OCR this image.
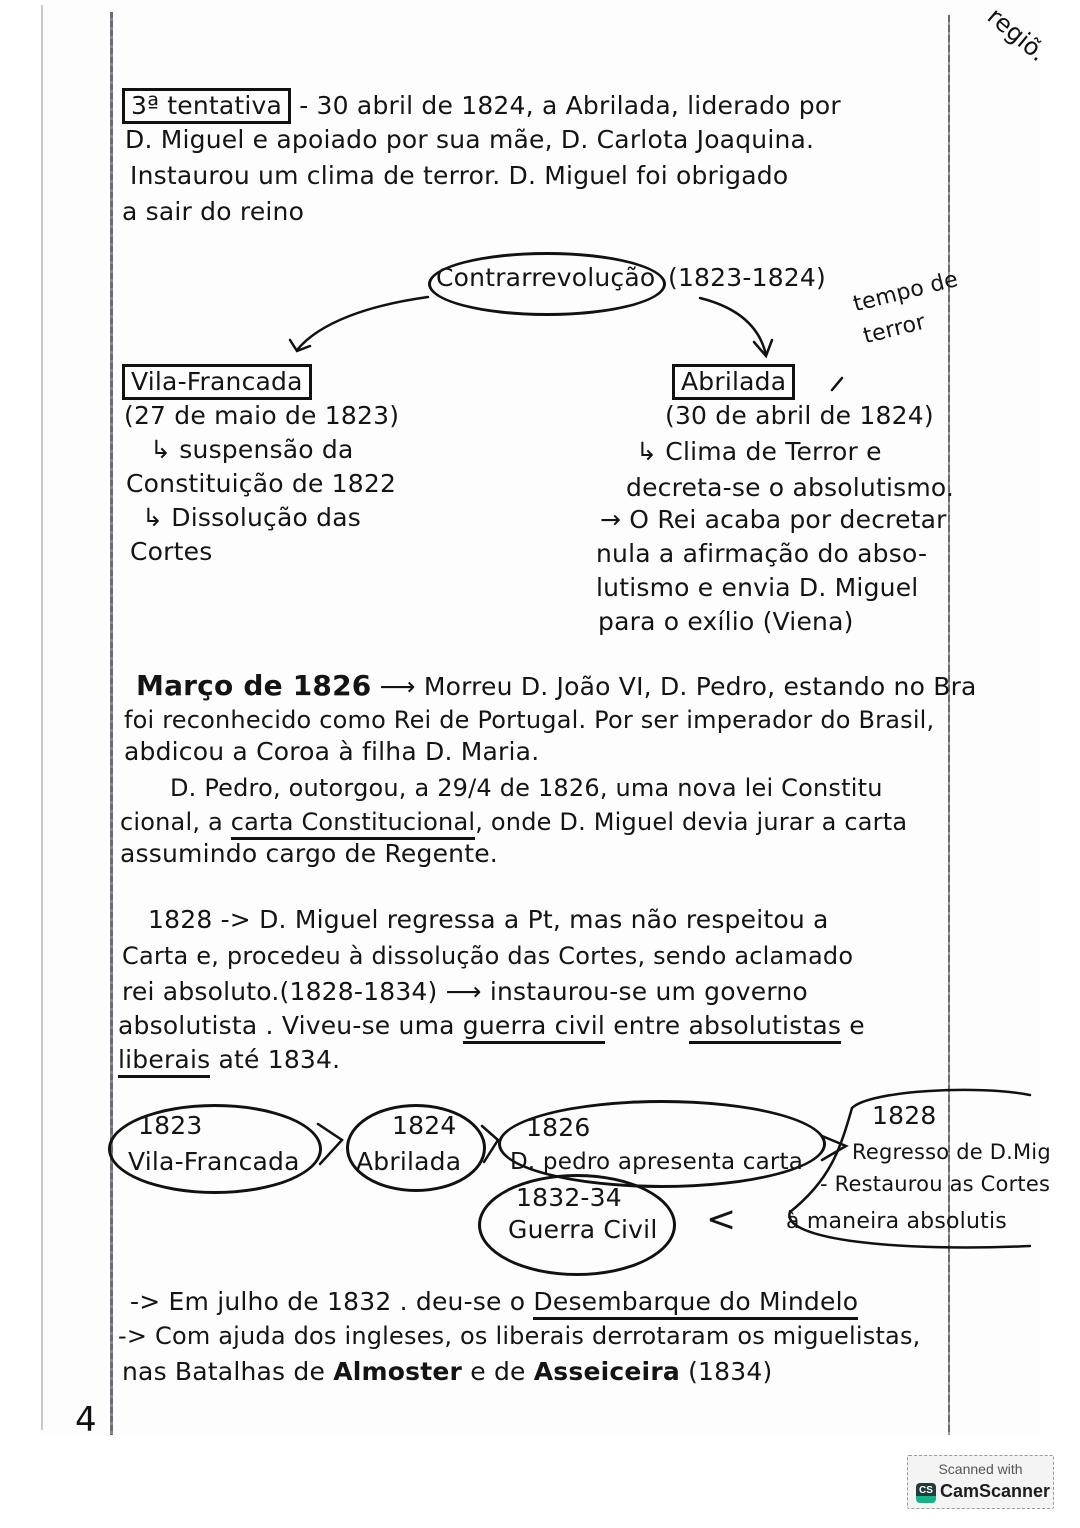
regiõ.
3ª tentativa - 30 abril de 1824, a Abrilada, liderado por
D. Miguel e apoiado por sua mãe, D. Carlota Joaquina.
Instaurou um clima de terror. D. Miguel foi obrigado
a sair do reino
Contrarrevolução (1823-1824) tempo de
terror
Vila-Francada
(27 de maio de 1823)
↳ suspensão da
Constituição de 1822
↳ Dissolução das
Cortes
Abrilada
(30 de abril de 1824)
↳ Clima de Terror e
decreta-se o absolutismo.
→ O Rei acaba por decretar
nula a afirmação do abso-
lutismo e envia D. Miguel
para o exílio (Viena)
Março de 1826 ⟶ Morreu D. João VI, D. Pedro, estando no Bra
foi reconhecido como Rei de Portugal. Por ser imperador do Brasil,
abdicou a Coroa à filha D. Maria.
D. Pedro, outorgou, a 29/4 de 1826, uma nova lei Constitu
cional, a carta Constitucional, onde D. Miguel devia jurar a carta
assumindo cargo de Regente.
1828 -> D. Miguel regressa a Pt, mas não respeitou a
Carta e, procedeu à dissolução das Cortes, sendo aclamado
rei absoluto.(1828-1834) ⟶ instaurou-se um governo
absolutista . Viveu-se uma guerra civil entre absolutistas e
liberais até 1834.
1823
Vila-Francada
1824
Abrilada
1826
D. pedro apresenta carta
1828
Regresso de D.Mig
- Restaurou as Cortes
à maneira absolutis
1832-34
Guerra Civil <
-> Em julho de 1832 . deu-se o Desembarque do Mindelo
-> Com ajuda dos ingleses, os liberais derrotaram os miguelistas,
nas Batalhas de Almoster e de Asseiceira (1834)
4
Scanned with
CS CamScanner
